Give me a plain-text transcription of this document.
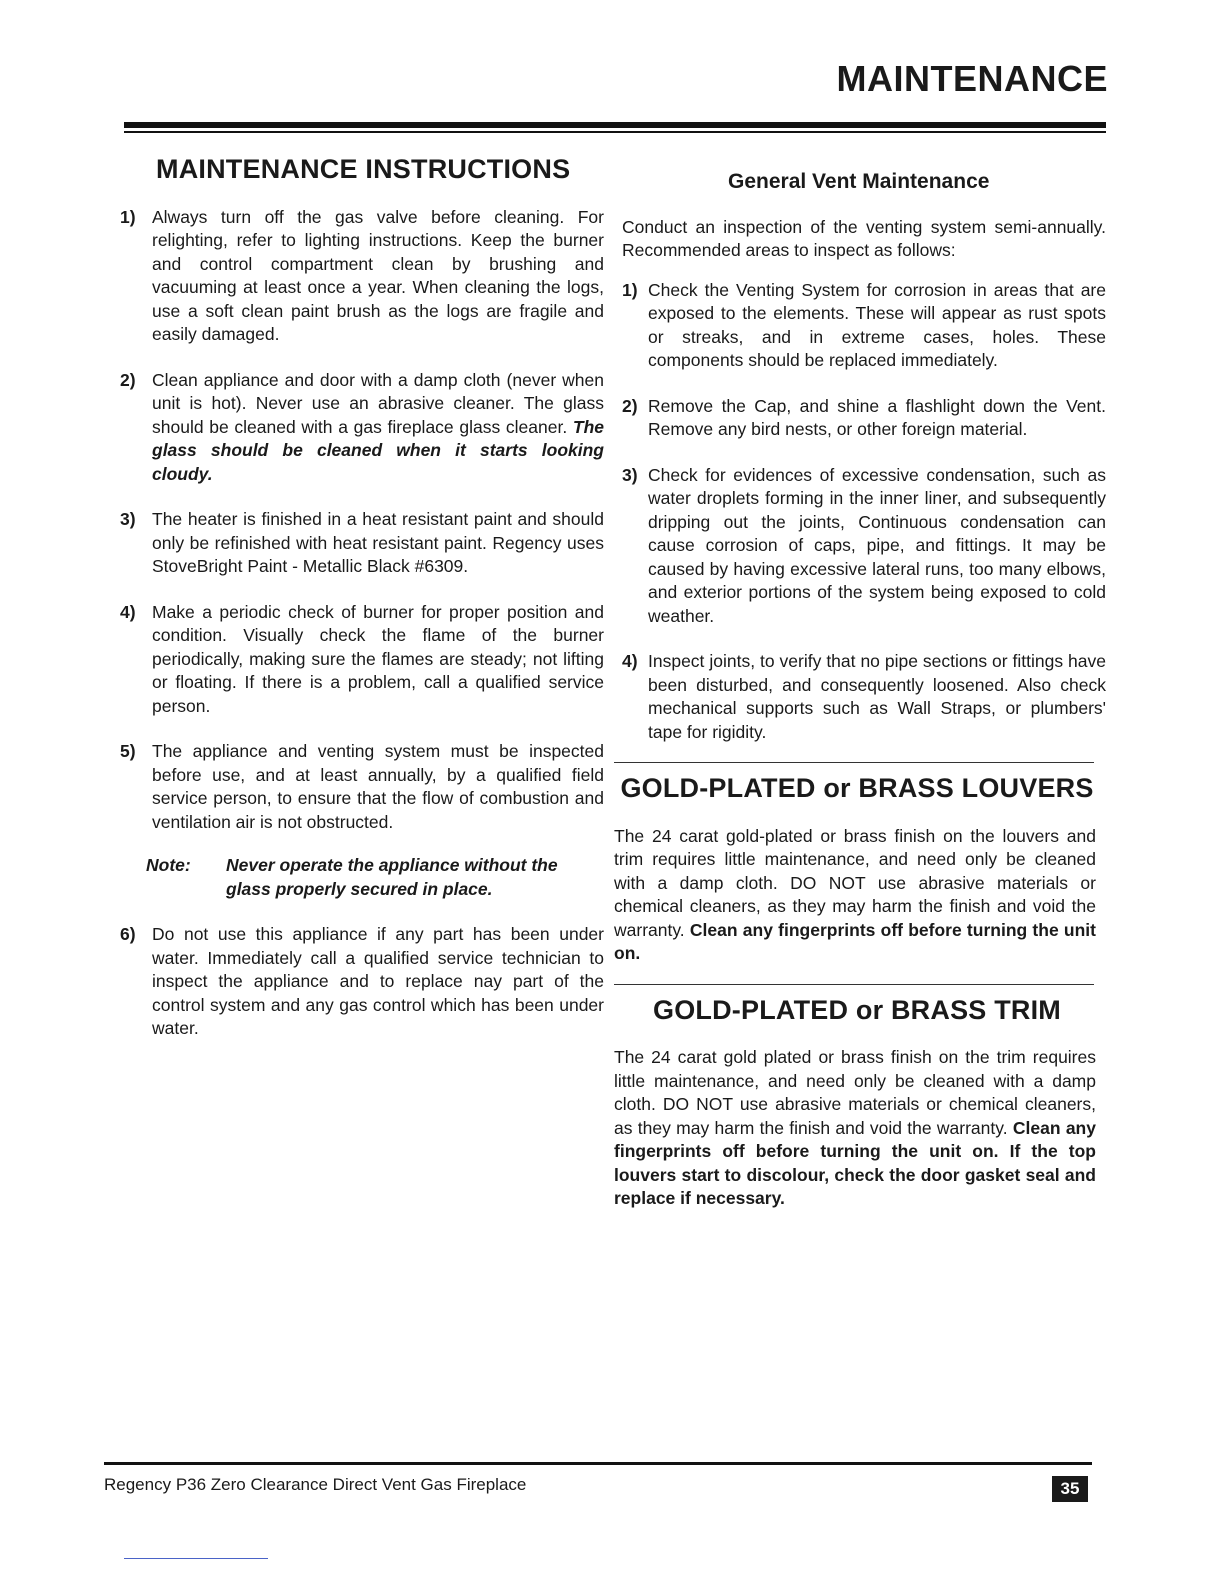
MAINTENANCE
MAINTENANCE INSTRUCTIONS
1) Always turn off the gas valve before cleaning. For relighting, refer to lighting instructions. Keep the burner and control compartment clean by brushing and vacuuming at least once a year. When cleaning the logs, use a soft clean paint brush as the logs are fragile and easily damaged.
2) Clean appliance and door with a damp cloth (never when unit is hot). Never use an abrasive cleaner. The glass should be cleaned with a gas fireplace glass cleaner. The glass should be cleaned when it starts looking cloudy.
3) The heater is finished in a heat resistant paint and should only be refinished with heat resistant paint. Regency uses StoveBright Paint - Metallic Black #6309.
4) Make a periodic check of burner for proper position and condition. Visually check the flame of the burner periodically, making sure the flames are steady; not lifting or floating. If there is a problem, call a qualified service person.
5) The appliance and venting system must be inspected before use, and at least annually, by a qualified field service person, to ensure that the flow of combustion and ventilation air is not obstructed.
Note:	Never operate the appliance without the glass properly secured in place.
6) Do not use this appliance if any part has been under water. Immediately call a qualified service technician to inspect the appliance and to replace nay part of the control system and any gas control which has been under water.
General Vent Maintenance

Conduct an inspection of the venting system semi-annually. Recommended areas to inspect as follows:

1) Check the Venting System for corrosion in areas that are exposed to the elements. These will appear as rust spots or streaks, and in extreme cases, holes. These components should be replaced immediately.
2) Remove the Cap, and shine a flashlight down the Vent. Remove any bird nests, or other foreign material.
3) Check for evidences of excessive condensation, such as water droplets forming in the inner liner, and subsequently dripping out the joints, Continuous condensation can cause corrosion of caps, pipe, and fittings. It may be caused by having excessive lateral runs, too many elbows, and exterior portions of the system being exposed to cold weather.
4) Inspect joints, to verify that no pipe sections or fittings have been disturbed, and consequently loosened. Also check mechanical supports such as Wall Straps, or plumbers' tape for rigidity.
GOLD-PLATED or BRASS LOUVERS

The 24 carat gold-plated or brass finish on the louvers and trim requires little maintenance, and need only be cleaned with a damp cloth. DO NOT use abrasive materials or chemical cleaners, as they may harm the finish and void the warranty. Clean any fingerprints off before turning the unit on.

GOLD-PLATED or BRASS TRIM

The 24 carat gold plated or brass finish on the trim requires little maintenance, and need only be cleaned with a damp cloth. DO NOT use abrasive materials or chemical cleaners, as they may harm the finish and void the warranty. Clean any fingerprints off before turning the unit on. If the top louvers start to discolour, check the door gasket seal and replace if necessary.

Regency P36 Zero Clearance Direct Vent Gas Fireplace	35
